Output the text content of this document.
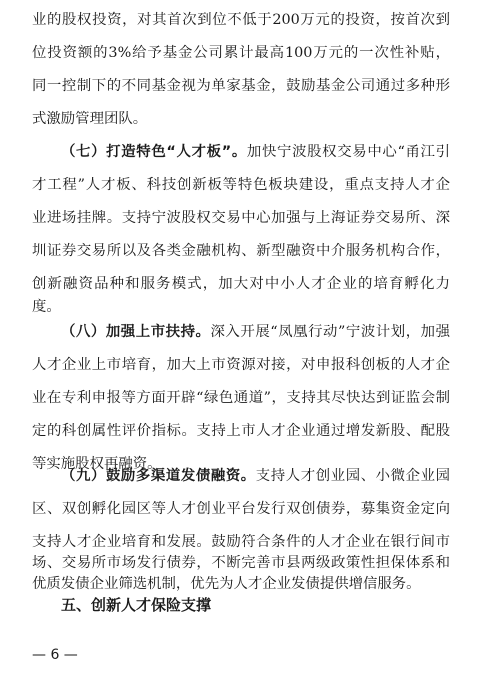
业的股权投资，对其首次到位不低于200万元的投资，按首次到
位投资额的3%给予基金公司累计最高100万元的一次性补贴，
同一控制下的不同基金视为单家基金，鼓励基金公司通过多种形
式激励管理团队。
（七）打造特色“人才板”。加快宁波股权交易中心“甬江引
才工程”人才板、科技创新板等特色板块建设，重点支持人才企
业进场挂牌。支持宁波股权交易中心加强与上海证券交易所、深
圳证券交易所以及各类金融机构、新型融资中介服务机构合作，
创新融资品种和服务模式，加大对中小人才企业的培育孵化力
度。
（八）加强上市扶持。深入开展“凤凰行动”宁波计划，加强
人才企业上市培育，加大上市资源对接，对申报科创板的人才企
业在专利申报等方面开辟“绿色通道”，支持其尽快达到证监会制
定的科创属性评价指标。支持上市人才企业通过增发新股、配股
等实施股权再融资。
（九）鼓励多渠道发债融资。支持人才创业园、小微企业园
区、双创孵化园区等人才创业平台发行双创债券，募集资金定向
支持人才企业培育和发展。鼓励符合条件的人才企业在银行间市
场、交易所市场发行债券，不断完善市县两级政策性担保体系和
优质发债企业筛选机制，优先为人才企业发债提供增信服务。
五、创新人才保险支撑
— 6 —
